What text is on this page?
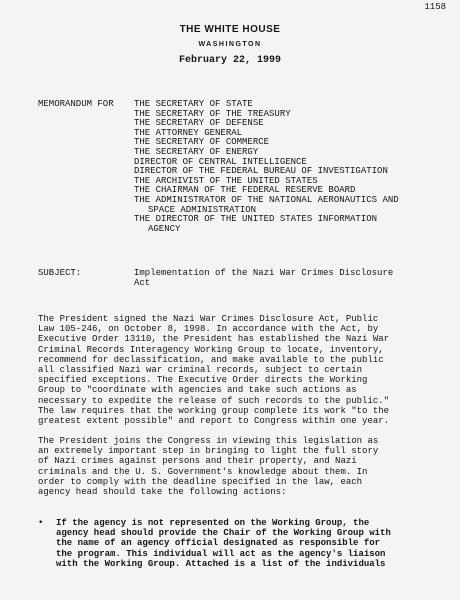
1158
THE WHITE HOUSE
WASHINGTON
February 22, 1999
MEMORANDUM FOR THE SECRETARY OF STATE
THE SECRETARY OF THE TREASURY
THE SECRETARY OF DEFENSE
THE ATTORNEY GENERAL
THE SECRETARY OF COMMERCE
THE SECRETARY OF ENERGY
DIRECTOR OF CENTRAL INTELLIGENCE
DIRECTOR OF THE FEDERAL BUREAU OF INVESTIGATION
THE ARCHIVIST OF THE UNITED STATES
THE CHAIRMAN OF THE FEDERAL RESERVE BOARD
THE ADMINISTRATOR OF THE NATIONAL AERONAUTICS AND
SPACE ADMINISTRATION
THE DIRECTOR OF THE UNITED STATES INFORMATION
AGENCY
SUBJECT:	Implementation of the Nazi War Crimes Disclosure
Act
The President signed the Nazi War Crimes Disclosure Act, Public
Law 105-246, on October 8, 1998. In accordance with the Act, by
Executive Order 13110, the President has established the Nazi War
Criminal Records Interagency Working Group to locate, inventory,
recommend for declassification, and make available to the public
all classified Nazi war criminal records, subject to certain
specified exceptions. The Executive Order directs the Working
Group to "coordinate with agencies and take such actions as
necessary to expedite the release of such records to the public."
The law requires that the working group complete its work "to the
greatest extent possible" and report to Congress within one year.
The President joins the Congress in viewing this legislation as
an extremely important step in bringing to light the full story
of Nazi crimes against persons and their property, and Nazi
criminals and the U. S. Government's knowledge about them. In
order to comply with the deadline specified in the law, each
agency head should take the following actions:
• If the agency is not represented on the Working Group, the
agency head should provide the Chair of the Working Group with
the name of an agency official designated as responsible for
the program. This individual will act as the agency's liaison
with the Working Group. Attached is a list of the individuals
